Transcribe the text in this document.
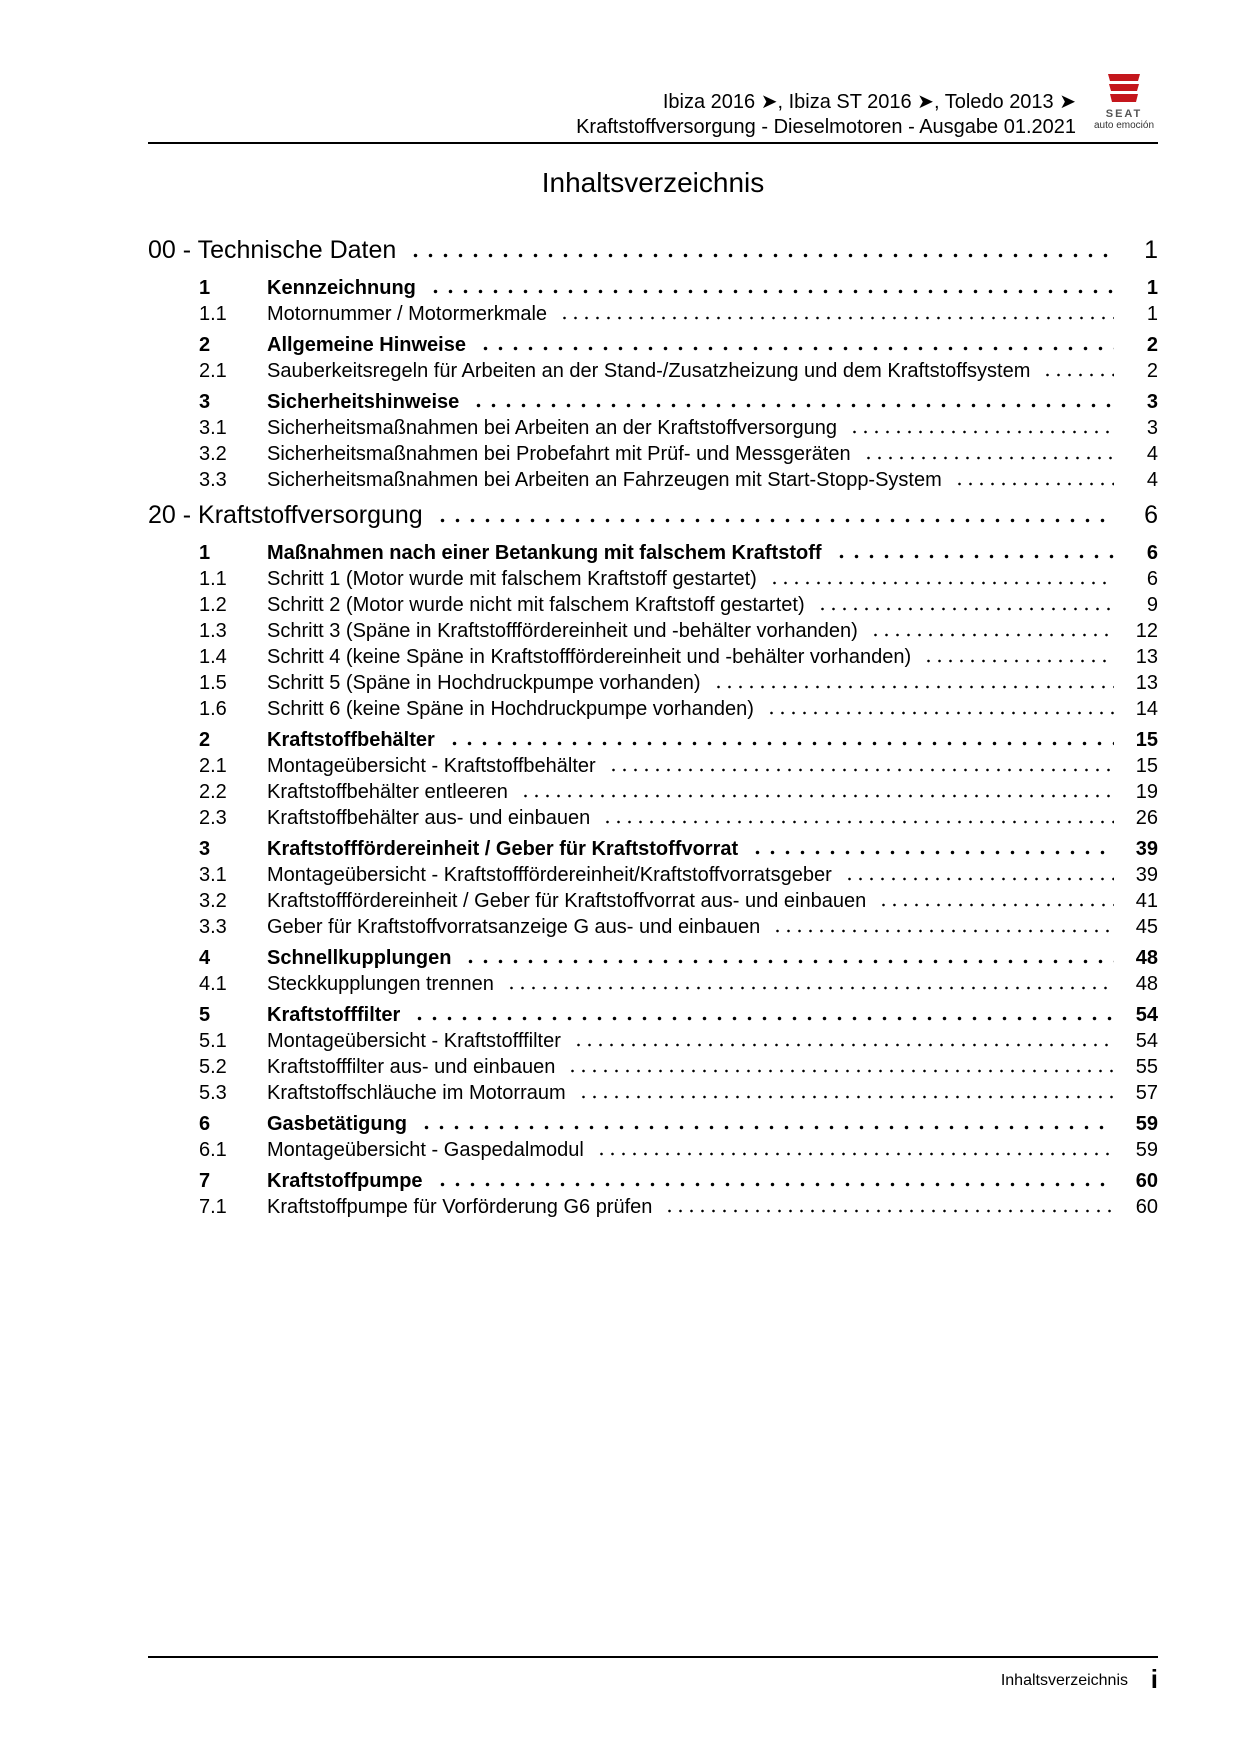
Ibiza 2016 ➤, Ibiza ST 2016 ➤, Toledo 2013 ➤
Kraftstoffversorgung - Dieselmotoren - Ausgabe 01.2021
SEAT
auto emoción
Inhaltsverzeichnis
00 - Technische Daten	1
1	Kennzeichnung	1
1.1	Motornummer / Motormerkmale	1
2	Allgemeine Hinweise	2
2.1	Sauberkeitsregeln für Arbeiten an der Stand-/Zusatzheizung und dem Kraftstoffsystem	2
3	Sicherheitshinweise	3
3.1	Sicherheitsmaßnahmen bei Arbeiten an der Kraftstoffversorgung	3
3.2	Sicherheitsmaßnahmen bei Probefahrt mit Prüf- und Messgeräten	4
3.3	Sicherheitsmaßnahmen bei Arbeiten an Fahrzeugen mit Start-Stopp-System	4
20 - Kraftstoffversorgung	6
1	Maßnahmen nach einer Betankung mit falschem Kraftstoff	6
1.1	Schritt 1 (Motor wurde mit falschem Kraftstoff gestartet)	6
1.2	Schritt 2 (Motor wurde nicht mit falschem Kraftstoff gestartet)	9
1.3	Schritt 3 (Späne in Kraftstofffördereinheit und -behälter vorhanden)	12
1.4	Schritt 4 (keine Späne in Kraftstofffördereinheit und -behälter vorhanden)	13
1.5	Schritt 5 (Späne in Hochdruckpumpe vorhanden)	13
1.6	Schritt 6 (keine Späne in Hochdruckpumpe vorhanden)	14
2	Kraftstoffbehälter	15
2.1	Montageübersicht - Kraftstoffbehälter	15
2.2	Kraftstoffbehälter entleeren	19
2.3	Kraftstoffbehälter aus- und einbauen	26
3	Kraftstofffördereinheit / Geber für Kraftstoffvorrat	39
3.1	Montageübersicht - Kraftstofffördereinheit/Kraftstoffvorratsgeber	39
3.2	Kraftstofffördereinheit / Geber für Kraftstoffvorrat aus- und einbauen	41
3.3	Geber für Kraftstoffvorratsanzeige G aus- und einbauen	45
4	Schnellkupplungen	48
4.1	Steckkupplungen trennen	48
5	Kraftstofffilter	54
5.1	Montageübersicht - Kraftstofffilter	54
5.2	Kraftstofffilter aus- und einbauen	55
5.3	Kraftstoffschläuche im Motorraum	57
6	Gasbetätigung	59
6.1	Montageübersicht - Gaspedalmodul	59
7	Kraftstoffpumpe	60
7.1	Kraftstoffpumpe für Vorförderung G6 prüfen	60
Inhaltsverzeichnis i
